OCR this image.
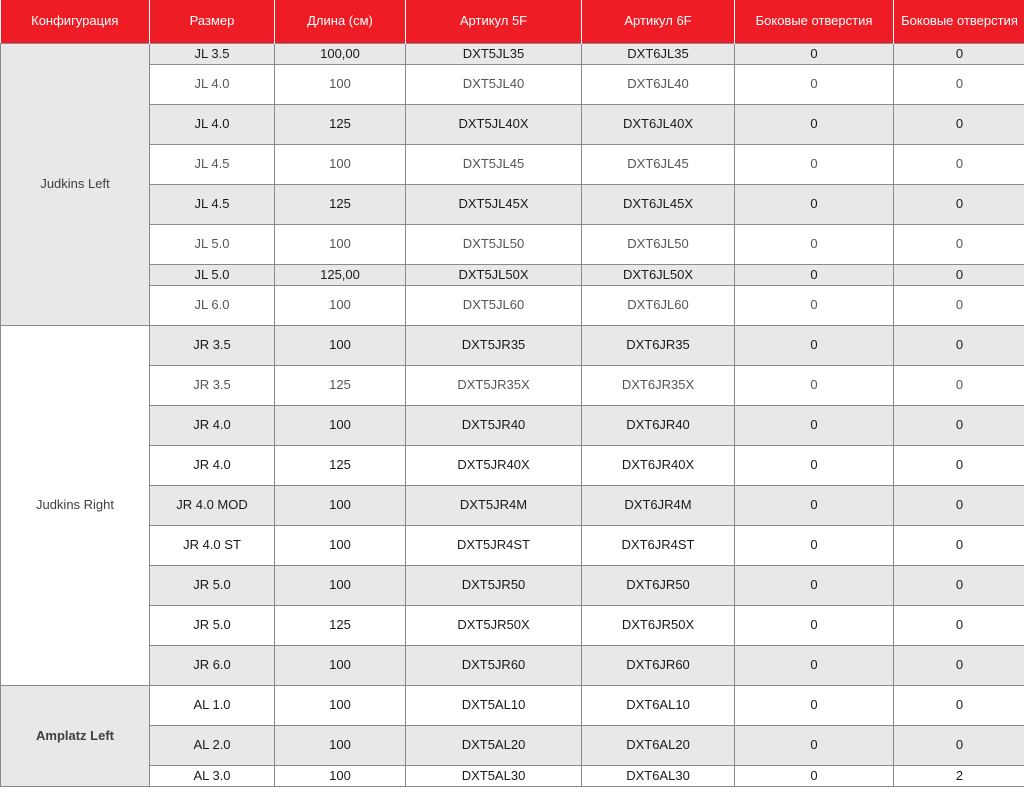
Конфигурация	Размер	Длина (см)	Артикул 5F	Артикул 6F	Боковые отверстия	Боковые отверстия
Judkins Left	JL 3.5	100,00	DXT5JL35	DXT6JL35	0	0
	JL 4.0	100	DXT5JL40	DXT6JL40	0	0
	JL 4.0	125	DXT5JL40X	DXT6JL40X	0	0
	JL 4.5	100	DXT5JL45	DXT6JL45	0	0
	JL 4.5	125	DXT5JL45X	DXT6JL45X	0	0
	JL 5.0	100	DXT5JL50	DXT6JL50	0	0
	JL 5.0	125,00	DXT5JL50X	DXT6JL50X	0	0
	JL 6.0	100	DXT5JL60	DXT6JL60	0	0
Judkins Right	JR 3.5	100	DXT5JR35	DXT6JR35	0	0
	JR 3.5	125	DXT5JR35X	DXT6JR35X	0	0
	JR 4.0	100	DXT5JR40	DXT6JR40	0	0
	JR 4.0	125	DXT5JR40X	DXT6JR40X	0	0
	JR 4.0 MOD	100	DXT5JR4M	DXT6JR4M	0	0
	JR 4.0 ST	100	DXT5JR4ST	DXT6JR4ST	0	0
	JR 5.0	100	DXT5JR50	DXT6JR50	0	0
	JR 5.0	125	DXT5JR50X	DXT6JR50X	0	0
	JR 6.0	100	DXT5JR60	DXT6JR60	0	0
Amplatz Left	AL 1.0	100	DXT5AL10	DXT6AL10	0	0
	AL 2.0	100	DXT5AL20	DXT6AL20	0	0
	AL 3.0	100	DXT5AL30	DXT6AL30	0	2
